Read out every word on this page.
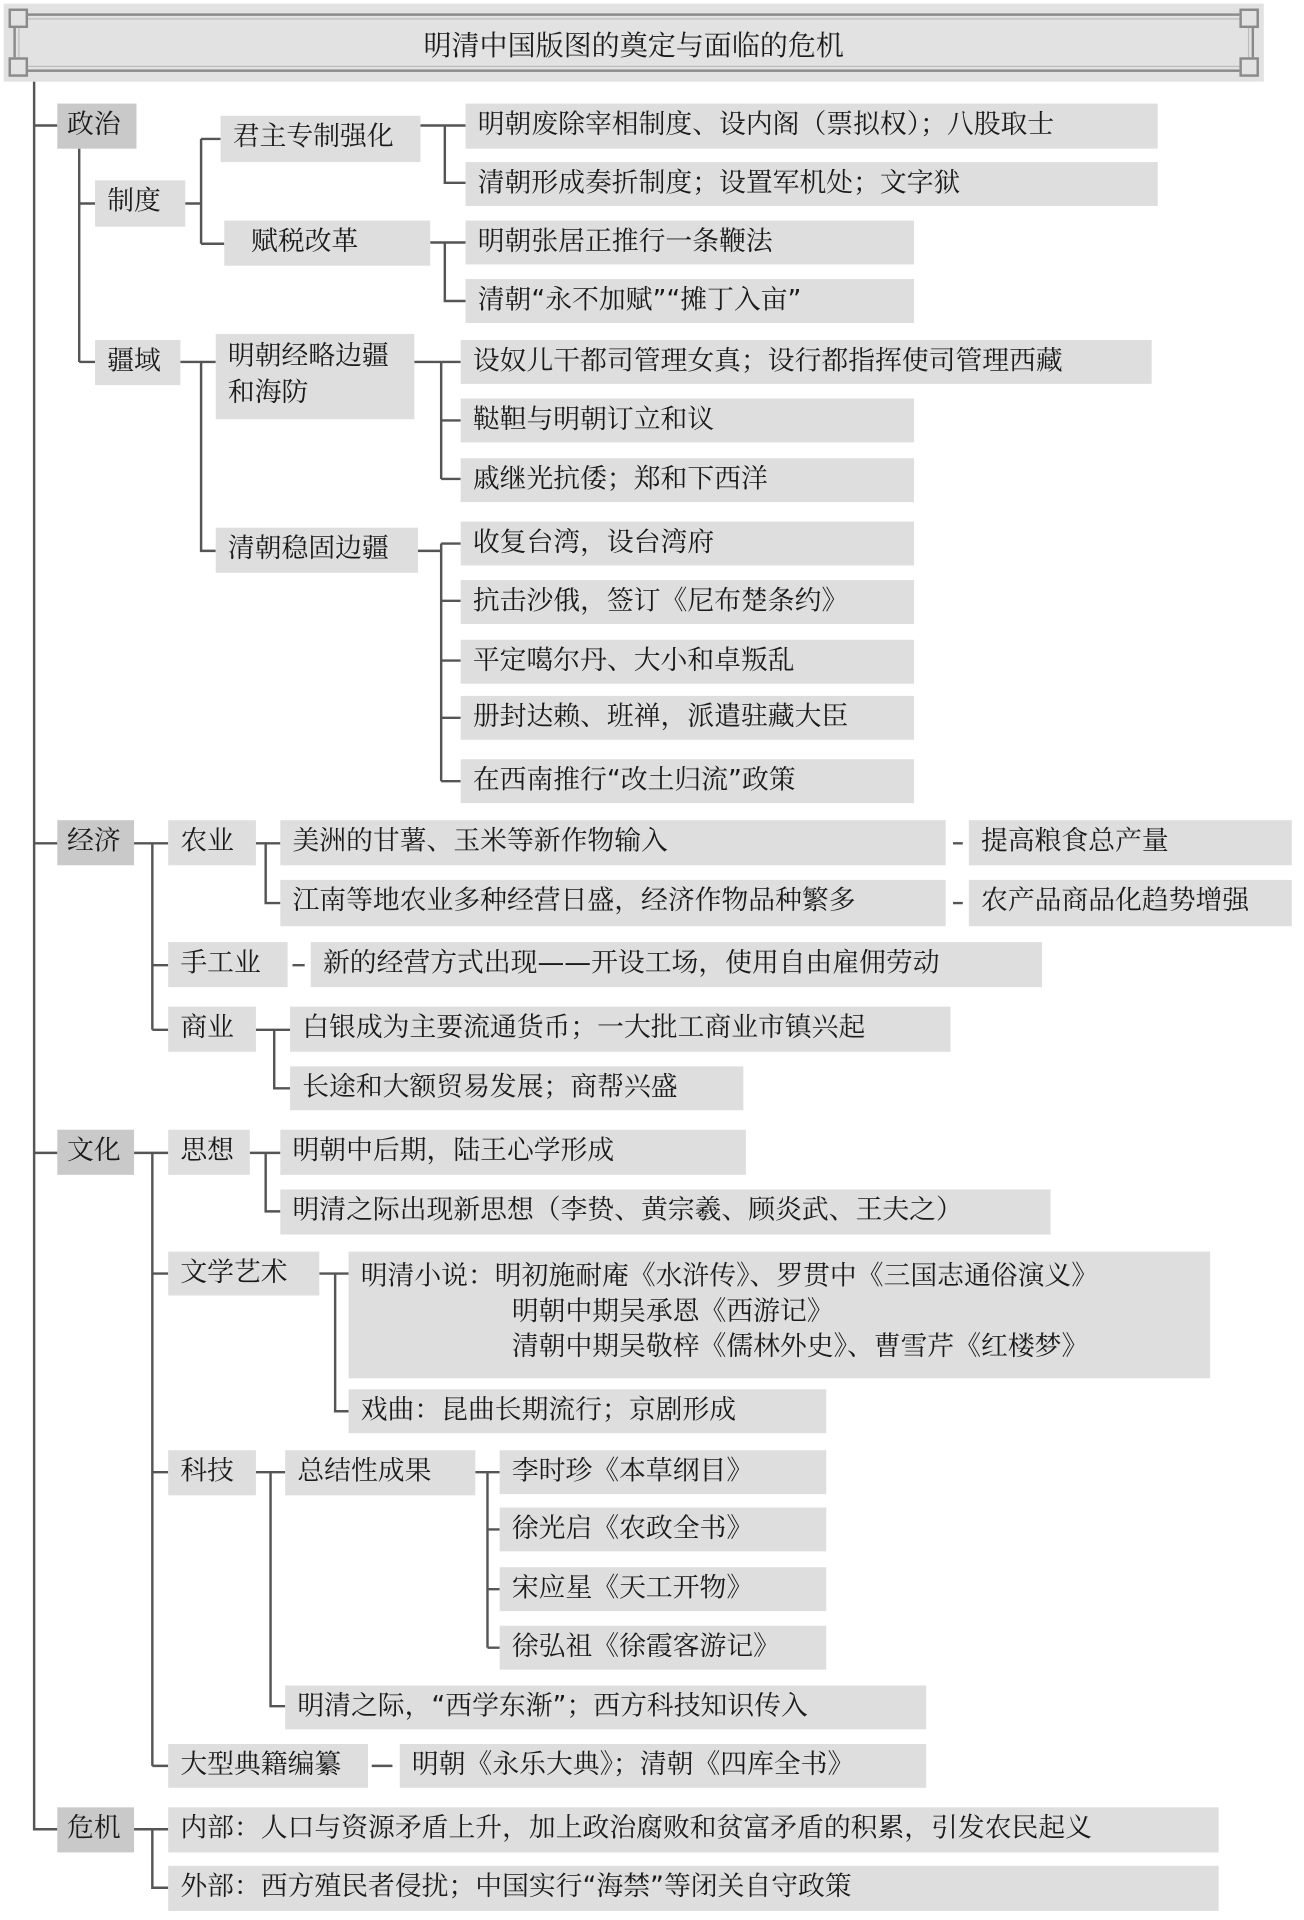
明清中国版图的奠定与面临的危机
政治
制度
君主专制强化
赋税改革
明朝废除宰相制度、设内阁（票拟权）；八股取士
清朝形成奏折制度；设置军机处；文字狱
明朝张居正推行一条鞭法
清朝“永不加赋”“摊丁入亩”
疆域	明朝经略边疆和海防
清朝稳固边疆
设奴儿干都司管理女真；设行都指挥使司管理西藏
鞑靼与明朝订立和议
戚继光抗倭；郑和下西洋
收复台湾，设台湾府
抗击沙俄，签订《尼布楚条约》
平定噶尔丹、大小和卓叛乱
册封达赖、班禅，派遣驻藏大臣
在西南推行“改土归流”政策
经济	农业	美洲的甘薯、玉米等新作物输入
江南等地农业多种经营日盛，经济作物品种繁多
提高粮食总产量
农产品商品化趋势增强
手工业	新的经营方式出现——开设工场，使用自由雇佣劳动
商业	白银成为主要流通货币；一大批工商业市镇兴起
长途和大额贸易发展；商帮兴盛
文化	思想	明朝中后期，陆王心学形成
明清之际出现新思想（李贽、黄宗羲、顾炎武、王夫之）
文学艺术	明清小说：明初施耐庵《水浒传》、罗贯中《三国志通俗演义》
明朝中期吴承恩《西游记》
清朝中期吴敬梓《儒林外史》、曹雪芹《红楼梦》
戏曲：昆曲长期流行；京剧形成
科技	总结性成果	李时珍《本草纲目》
徐光启《农政全书》
宋应星《天工开物》
徐弘祖《徐霞客游记》
明清之际，“西学东渐”；西方科技知识传入
大型典籍编纂	明朝《永乐大典》；清朝《四库全书》
危机	内部：人口与资源矛盾上升，加上政治腐败和贫富矛盾的积累，引发农民起义
外部：西方殖民者侵扰；中国实行“海禁”等闭关自守政策
